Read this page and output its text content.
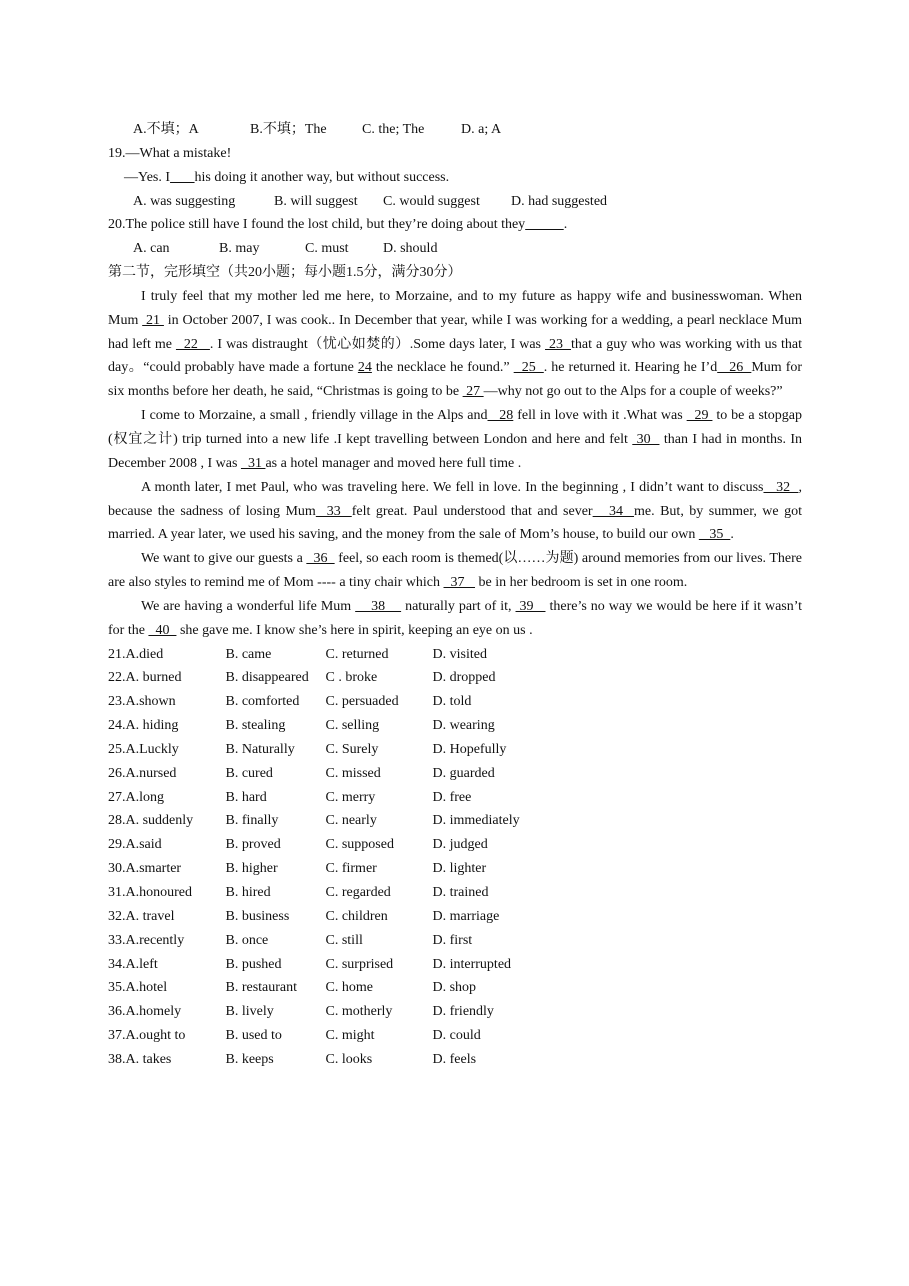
A.不填；A	B.不填；The	C. the; The	D. a; A
19.—What a mistake!
—Yes. I his doing it another way, but without success.
A. was suggesting	B. will suggest C. would suggest D. had suggested
20.The police still have I found the lost child, but they’re doing about they	.
A. can	B. may	C. must D. should
第二节，完形填空（共20小题；每小题1.5分，满分30分）

I truly feel that my mother led me here, to Morzaine, and to my future as happy wife and businesswoman. When Mum  21  in October 2007, I was cook.. In December that year, while I was working for a wedding, a pearl necklace Mum had left me   22   . I was distraught（忧心如焚的）.Some days later, I was  23  that a guy who was working with us that day。“could probably have made a fortune 24 the necklace he found.”   25  . he returned it. Hearing he I’d   26  Mum for six months before her death, he said, “Christmas is going to be  27 —why not go out to the Alps for a couple of weeks?”

I come to Morzaine, a small , friendly village in the Alps and   28 fell in love with it .What was   29  to be a stopgap (权宜之计) trip turned into a new life .I kept travelling between London and here and felt  30   than I had in months. In December 2008 , I was   31 as a hotel manager and moved here full time .

A month later, I met Paul, who was traveling here. We fell in love. In the beginning , I didn’t want to discuss   32  , because the sadness of losing Mum  33  felt great. Paul understood that and sever   34  me. But, by summer, we got married. A year later, we used his saving, and the money from the sale of Mom’s house, to build our own    35  .

We want to give our guests a   36   feel, so each room is themed(以……为题) around memories from our lives. There are also styles to remind me of Mom ---- a tiny chair which   37    be in her bedroom is set in one room.

We are having a wonderful life Mum     38     naturally part of it,  39    there’s no way we would be here if it wasn’t for the   40   she gave me. I know she’s here in spirit, keeping an eye on us .

21.A.died	B. came	C. returned	D. visited
22.A. burned	B. disappeared C . broke	D. dropped
23.A.shown	B. comforted C. persuaded D. told
24.A. hiding	B. stealing	C. selling	D. wearing
25.A.Luckly	B. Naturally C. Surely	D. Hopefully
26.A.nursed	B. cured	C. missed	D. guarded
27.A.long	B. hard	C. merry	D. free
28.A. suddenly B. finally	C. nearly	D. immediately
29.A.said	B. proved	C. supposed	D. judged
30.A.smarter	B. higher	C. firmer	D. lighter
31.A.honoured B. hired	C. regarded	D. trained
32.A. travel	B. business	C. children	D. marriage
33.A.recently	B. once	C. still	D. first
34.A.left	B. pushed	C. surprised	D. interrupted
35.A.hotel	B. restaurant C. home	D. shop
36.A.homely	B. lively	C. motherly	D. friendly
37.A.ought to	B. used to	C. might	D. could
38.A. takes	B. keeps	C. looks	D. feels
